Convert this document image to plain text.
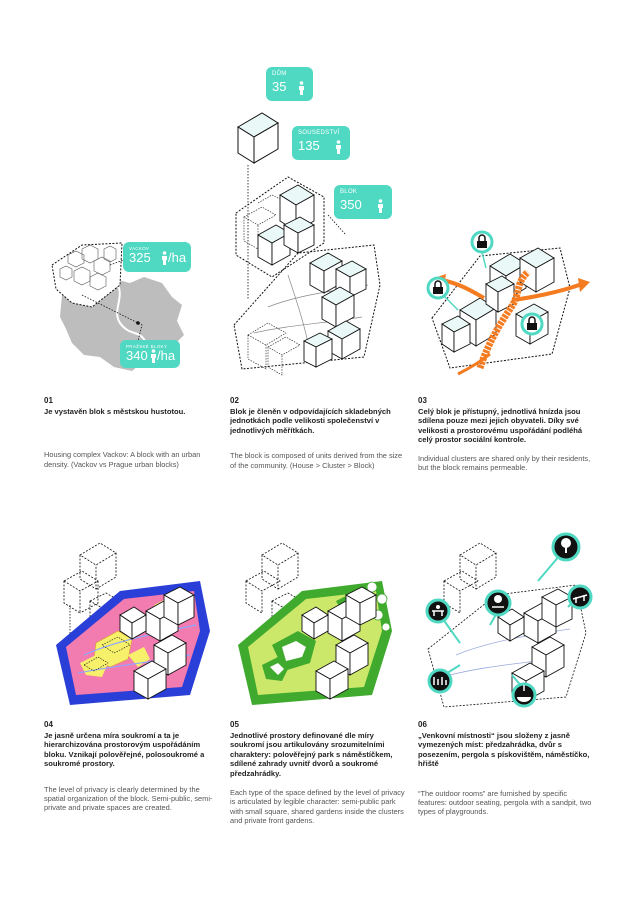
VACKOV
325 /ha
PRAŽSKÉ BLOKY
340 /ha
DŮM
35
SOUSEDSTVÍ
135
BLOK
350
01
Je vystavěn blok s městskou hustotou.
Housing complex Vackov: A block with an urban density. (Vackov vs Prague urban blocks)
02
Blok je členěn v odpovídajících skladebných jednotkách podle velikosti společenství v jednotlivých měřítkách.
The block is composed of units derived from the size of the community. (House > Cluster > Block)
03
Celý blok je přístupný, jednotlivá hnízda jsou sdílena pouze mezi jejich obyvateli. Díky své velikosti a prostorovému uspořádání podléhá celý prostor sociální kontrole.
Individual clusters are shared only by their residents, but the block remains permeable.
04
Je jasně určena míra soukromí a ta je hierarchizována prostorovým uspořádáním bloku. Vznikají polověřejné, polosoukromé a soukromé prostory.
The level of privacy is clearly determined by the spatial organization of the block. Semi-public, semi-private and private spaces are created.
05
Jednotlivé prostory definované dle míry soukromí jsou artikulovány srozumitelními charaktery: polověřejný park s náměstíčkem, sdílené zahrady uvnitř dvorů a soukromé předzahrádky.
Each type of the space defined by the level of privacy is articulated by legible character: semi-public park with small square, shared gardens inside the clusters and private front gardens.
06
„Venkovní místnosti“ jsou složeny z jasně vymezených míst: předzahrádka, dvůr s posezením, pergola s pískovištěm, náměstíčko, hřiště
“The outdoor rooms” are furnished by specific features: outdoor seating, pergola with a sandpit, two types of playgrounds.
